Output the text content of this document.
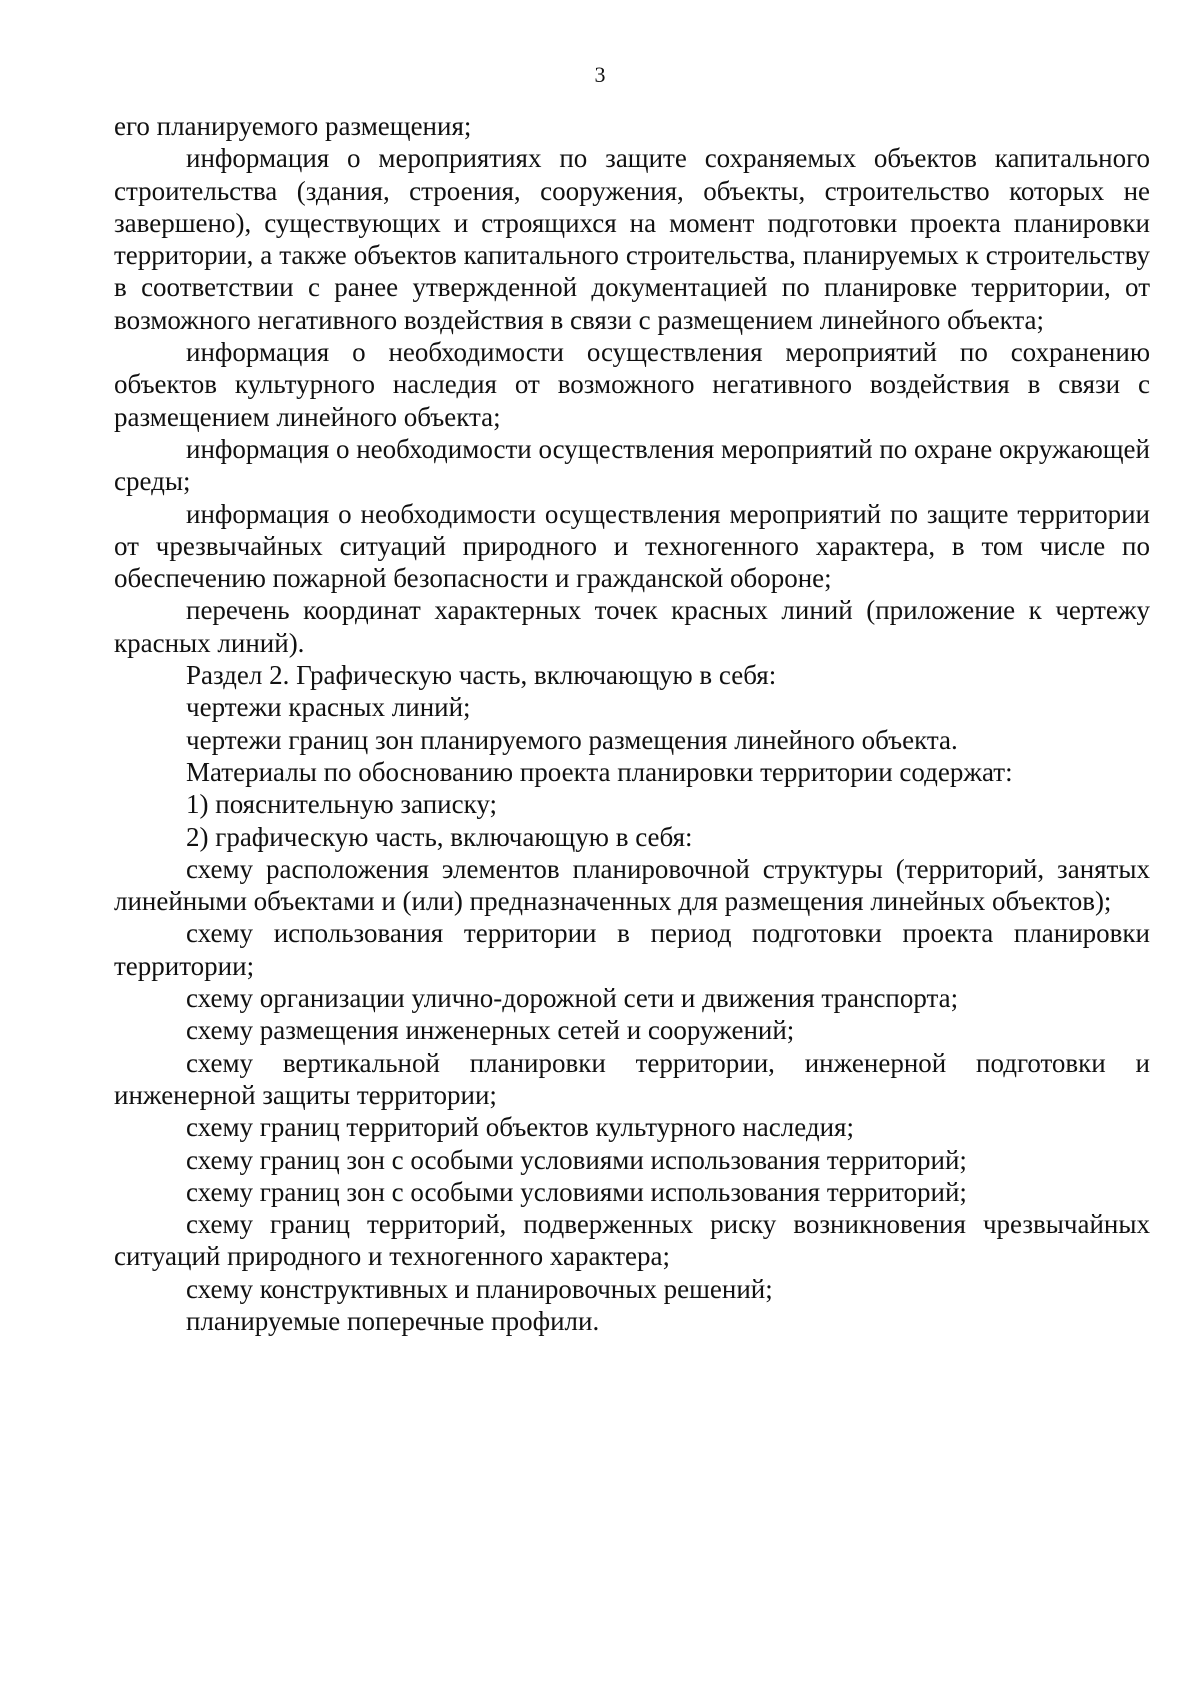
3

его планируемого размещения;

информация о мероприятиях по защите сохраняемых объектов капитального строительства (здания, строения, сооружения, объекты, строительство которых не завершено), существующих и строящихся на момент подготовки проекта планировки территории, а также объектов капитального строительства, планируемых к строительству в соответствии с ранее утвержденной документацией по планировке территории, от возможного негативного воздействия в связи с размещением линейного объекта;

информация о необходимости осуществления мероприятий по сохранению объектов культурного наследия от возможного негативного воздействия в связи с размещением линейного объекта;

информация о необходимости осуществления мероприятий по охране окружающей среды;

информация о необходимости осуществления мероприятий по защите территории от чрезвычайных ситуаций природного и техногенного характера, в том числе по обеспечению пожарной безопасности и гражданской обороне;

перечень координат характерных точек красных линий (приложение к чертежу красных линий).

Раздел 2. Графическую часть, включающую в себя:

чертежи красных линий;

чертежи границ зон планируемого размещения линейного объекта.

Материалы по обоснованию проекта планировки территории содержат:

1) пояснительную записку;

2) графическую часть, включающую в себя:

схему расположения элементов планировочной структуры (территорий, занятых линейными объектами и (или) предназначенных для размещения линейных объектов);

схему использования территории в период подготовки проекта планировки территории;

схему организации улично-дорожной сети и движения транспорта;

схему размещения инженерных сетей и сооружений;

схему вертикальной планировки территории, инженерной подготовки и инженерной защиты территории;

схему границ территорий объектов культурного наследия;

схему границ зон с особыми условиями использования территорий;

схему границ зон с особыми условиями использования территорий;

схему границ территорий, подверженных риску возникновения чрезвычайных ситуаций природного и техногенного характера;

схему конструктивных и планировочных решений;

планируемые поперечные профили.
